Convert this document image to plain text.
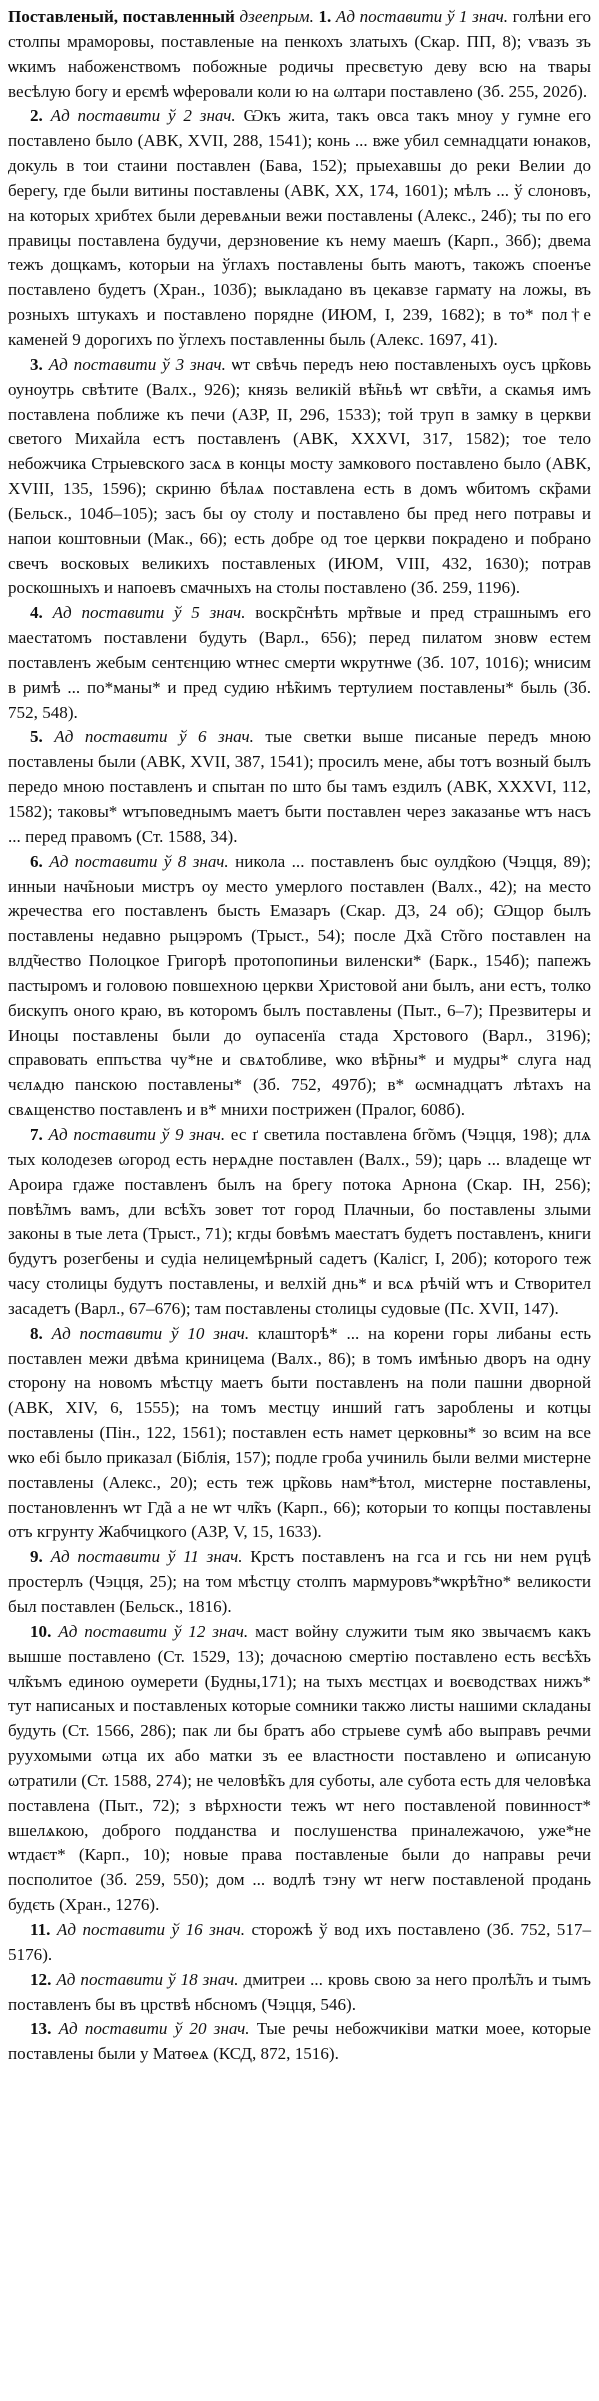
Поставленый, поставленный дзеепрым. 1. Ад поставити ў 1 знач. голѣни его столпы мраморовы, поставленые на пенкохъ златыхъ (Скар. ПП, 8); ѵвазъ зъ ѡкимъ набоженствомъ побожные родичы пресвєтую деву всю на твары весѣлую богу и ерємѣ ѡферовали коли ю на ωлтари поставлено (Зб. 255, 202б).

2. Ад поставити ў 2 знач. Ѡкъ жита, такъ овса такъ мноу у гумне его поставлено было (АВК, XVII, 288, 1541); конь ... вже убил семнадцати юнаков, докуль в тои стаини поставлен (Бава, 152); прыехавшы до реки Велии до берегу, где были витины поставлены (АВК, XX, 174, 1601); мѣлъ ... ў слоновъ, на которых хрибтех были деревѧныи вежи поставлены (Алекс., 24б); ты по его правицы поставлена будучи, дерзновение къ нему маешъ (Карп., 36б); двема тежъ дощкамъ, которыи на ўглахъ поставлены быть маютъ, такожъ споенъе поставлено будетъ (Хран., 103б); выкладано въ цекавзе гармату на ложы, въ розныхъ штукахъ и поставлено порядне (ИЮМ, I, 239, 1682); в то* пол†е каменей 9 дорогихъ по ўглехъ поставленны быль (Алекс. 1697, 41).

3. Ад поставити ў 3 знач. ѡт свѣчь передъ нею поставленыхъ оусъ цр̃ковь оуноутрь свѣтите (Валх., 926); князь великій вѣ̃ньѣ ѡт свѣ̃ти, а скамья имъ поставлена поближе къ печи (АЗР, II, 296, 1533); той труп в замку в церкви светого Михайла естъ поставленъ (АВК, XXXVI, 317, 1582); тое тело небожчика Стрыевского засѧ в концы мосту замкового поставлено было (АВК, XVIII, 135, 1596); скриню бѣлаѧ поставлена есть в домъ ѡбитомъ ск̃рами (Бельск., 104б–105); засъ бы оу столу и поставлено бы пред него потравы и напои коштовныи (Мак., 66); есть добре од тое церкви покрадено и побрано свечъ восковых великихъ поставленых (ИЮМ, VIII, 432, 1630); потрав роскошныхъ и напоевъ смачныхъ на столы поставлено (Зб. 259, 1196).

4. Ад поставити ў 5 знач. воскр̃снѣть мр̃твые и пред страшнымъ его маестатомъ поставлени будуть (Варл., 656); перед пилатом зновѡ естем поставленъ жебым сентєнцию ѡтнес смерти ѡкрутнѡе (Зб. 107, 1016); ѡнисим в римѣ ... по*маны* и пред судию нѣ̃кимъ тертулием поставлены* быль (Зб. 752, 548).

5. Ад поставити ў 6 знач. тые светки выше писаные передъ мною поставлены были (АВК, XVII, 387, 1541); просилъ мене, абы тотъ возный былъ передо мною поставленъ и спытан по што бы тамъ ездилъ (АВК, XXXVI, 112, 1582); таковы* ѡтъповеднымъ маетъ быти поставлен через заказанье ѡтъ насъ ... перед правомъ (Ст. 1588, 34).

6. Ад поставити ў 8 знач. никола ... поставленъ быс оулд̃кою (Чэцця, 89); инныи нач̃ьноыи мистръ оу место умерлого поставлен (Валх., 42); на место жречества его поставленъ бысть Емазаръ (Скар. Д3, 24 об); Ѡщор былъ поставлены недавно рыцэромъ (Трыст., 54); после Дх̃а Ст̃ого поставлен на влд̃чество Полоцкое Григорѣ протопопиньи виленски* (Барк., 154б); папежъ пастыромъ и головою повшехною церкви Христовой ани былъ, ани естъ, толко бискупъ оного краю, въ которомъ былъ поставлены (Пыт., 6–7); Презвитеры и Иноцы поставлены были до оупасенїа стада Хрстового (Варл., 3196); справовать еппъства чу*не и свѧтобливе, ѡко вѣ̃рны* и мудры* слуга над чєлѧдю панскою поставлены* (Зб. 752, 497б); в* ωсмнадцатъ лѣтахъ на свѧщенство поставленъ и в* мнихи пострижен (Пралог, 608б).

7. Ад поставити ў 9 знач. ес ґ светила поставлена бг̃омъ (Чэцця, 198); длѧ тых колодезев ωгород есть нерѧдне поставлен (Валх., 59); царь ... владеще ѡт Ароира гдаже поставленъ былъ на брегу потока Арнона (Скар. IН, 256); повѣ̃лмъ вамъ, дли всѣ̃хъ зовет тот город Плачныи, бо поставлены злыми законы в тые лета (Трыст., 71); кгды бовѣмъ маестатъ будетъ поставленъ, книги будутъ розегбены и судіа нелицемѣрный садетъ (Калісг, I, 20б); которого теж часу столицы будутъ поставлены, и велхій днь* и всѧ рѣчій ѡтъ и Створител засадетъ (Варл., 67–676); там поставлены столицы судовые (Пс. XVII, 147).

8. Ад поставити ў 10 знач. клашторѣ* ... на корени горы либаны есть поставлен межи двѣма криницема (Валх., 86); в томъ имѣнью дворъ на одну сторону на новомъ мѣстцу маетъ быти поставленъ на поли пашни дворной (АВК, XIV, 6, 1555); на томъ местцу инший гатъ зароблены и котцы поставлены (Пін., 122, 1561); поставлен есть намет церковны* зо всим на все ѡко ебі было приказал (Біблія, 157); подле гроба учиниль были велми мистерне поставлены (Алекс., 20); есть теж цр̃ковь нам*ѣтол, мистерне поставлены, постановленнъ ѡт Гд̃а а не ѡт чл̃къ (Карп., 66); которыи то копцы поставлены отъ кгрунту Жабчицкого (АЗР, V, 15, 1633).

9. Ад поставити ў 11 знач. Крстъ поставленъ на гса и гсь ни нем рүцѣ простерлъ (Чэцця, 25); на том мѣстцу столпъ мармуровъ*ѡкрѣ̃тно* великости был поставлен (Бельск., 1816).

10. Ад поставити ў 12 знач. маст войну служити тым яко звычаємъ какъ вышше поставлено (Ст. 1529, 13); дочасною смертію поставлено есть вєсѣ̃хъ чл̃къмъ единою оумерети (Будны,171); на тыхъ мєстцах и воєводствах нижъ* тут написаных и поставленых которые сомники такжо листы нашими складаны будуть (Ст. 1566, 286); пак ли бы братъ або стрыеве сумѣ або выправъ речми руухомыми ωтца их або матки зъ ее властности поставлено и ωписаную ωтратили (Ст. 1588, 274); не человѣ̃къ для суботы, але субота есть для человѣка поставлена (Пыт., 72); з вѣрхности тежъ ѡт него поставленой повинност* вшелѧкою, доброго подданства и послушенства приналежачою, уже*не ѡтдаєт* (Карп., 10); новые права поставленые были до направы речи посполитое (Зб. 259, 550); дом ... водлѣ тэну ѡт негѡ поставленой продань будєть (Хран., 1276).

11. Ад поставити ў 16 знач. сторожѣ ў вод ихъ поставлено (Зб. 752, 517–5176).

12. Ад поставити ў 18 знач. дмитреи ... кровь свою за него пролѣ̃лъ и тымъ поставленъ бы въ црствѣ нбсномъ (Чэцця, 546).

13. Ад поставити ў 20 знач. Тые речы небожчиківи матки моее, которые поставлены были у Матѳеѧ (КСД, 872, 1516).
